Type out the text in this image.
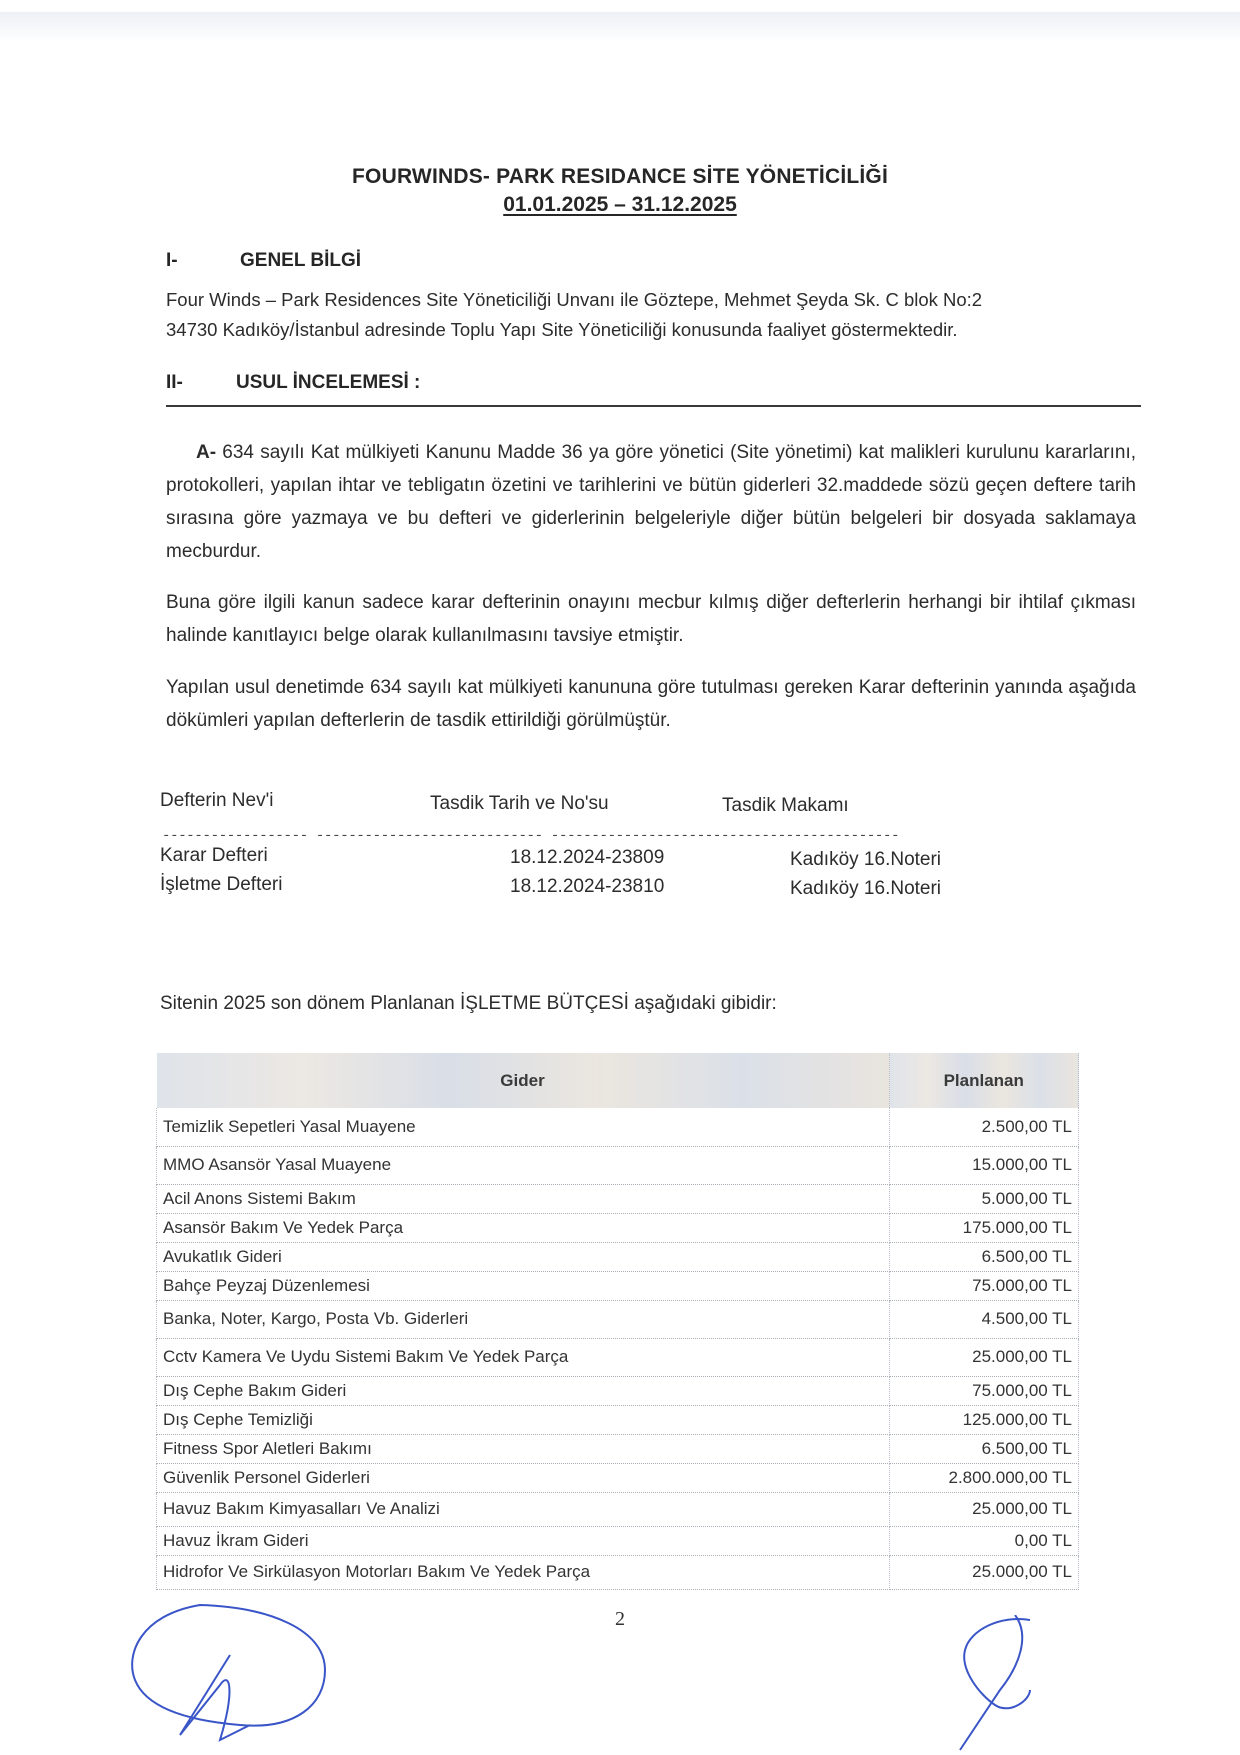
FOURWINDS- PARK RESIDANCE SİTE YÖNETİCİLİĞİ
01.01.2025 – 31.12.2025
I-	GENEL BİLGİ
Four Winds – Park Residences Site Yöneticiliği Unvanı ile Göztepe, Mehmet Şeyda Sk. C blok No:2
34730 Kadıköy/İstanbul adresinde Toplu Yapı Site Yöneticiliği konusunda faaliyet göstermektedir.
II-	USUL İNCELEMESİ :
A- 634 sayılı Kat mülkiyeti Kanunu Madde 36 ya göre yönetici (Site yönetimi) kat malikleri kurulunu kararlarını, protokolleri, yapılan ihtar ve tebligatın özetini ve tarihlerini ve bütün giderleri 32.maddede sözü geçen deftere tarih sırasına göre yazmaya ve bu defteri ve giderlerinin belgeleriyle diğer bütün belgeleri bir dosyada saklamaya mecburdur.
Buna göre ilgili kanun sadece karar defterinin onayını mecbur kılmış diğer defterlerin herhangi bir ihtilaf çıkması halinde kanıtlayıcı belge olarak kullanılmasını tavsiye etmiştir.
Yapılan usul denetimde 634 sayılı kat mülkiyeti kanununa göre tutulması gereken Karar defterinin yanında aşağıda dökümleri yapılan defterlerin de tasdik ettirildiği görülmüştür.
Defterin Nev'i	Tasdik Tarih ve No'su	Tasdik Makamı
------------------ ---------------------------- -------------------------------------------
Karar Defteri	18.12.2024-23809	Kadıköy 16.Noteri
İşletme Defteri	18.12.2024-23810	Kadıköy 16.Noteri
Sitenin 2025 son dönem Planlanan İŞLETME BÜTÇESİ aşağıdaki gibidir:
Gider	Planlanan
Temizlik Sepetleri Yasal Muayene	2.500,00 TL
MMO Asansör Yasal Muayene	15.000,00 TL
Acil Anons Sistemi Bakım	5.000,00 TL
Asansör Bakım Ve Yedek Parça	175.000,00 TL
Avukatlık Gideri	6.500,00 TL
Bahçe Peyzaj Düzenlemesi	75.000,00 TL
Banka, Noter, Kargo, Posta Vb. Giderleri	4.500,00 TL
Cctv Kamera Ve Uydu Sistemi Bakım Ve Yedek Parça	25.000,00 TL
Dış Cephe Bakım Gideri	75.000,00 TL
Dış Cephe Temizliği	125.000,00 TL
Fitness Spor Aletleri Bakımı	6.500,00 TL
Güvenlik Personel Giderleri	2.800.000,00 TL
Havuz Bakım Kimyasalları Ve Analizi	25.000,00 TL
Havuz İkram Gideri	0,00 TL
Hidrofor Ve Sirkülasyon Motorları Bakım Ve Yedek Parça	25.000,00 TL
2
